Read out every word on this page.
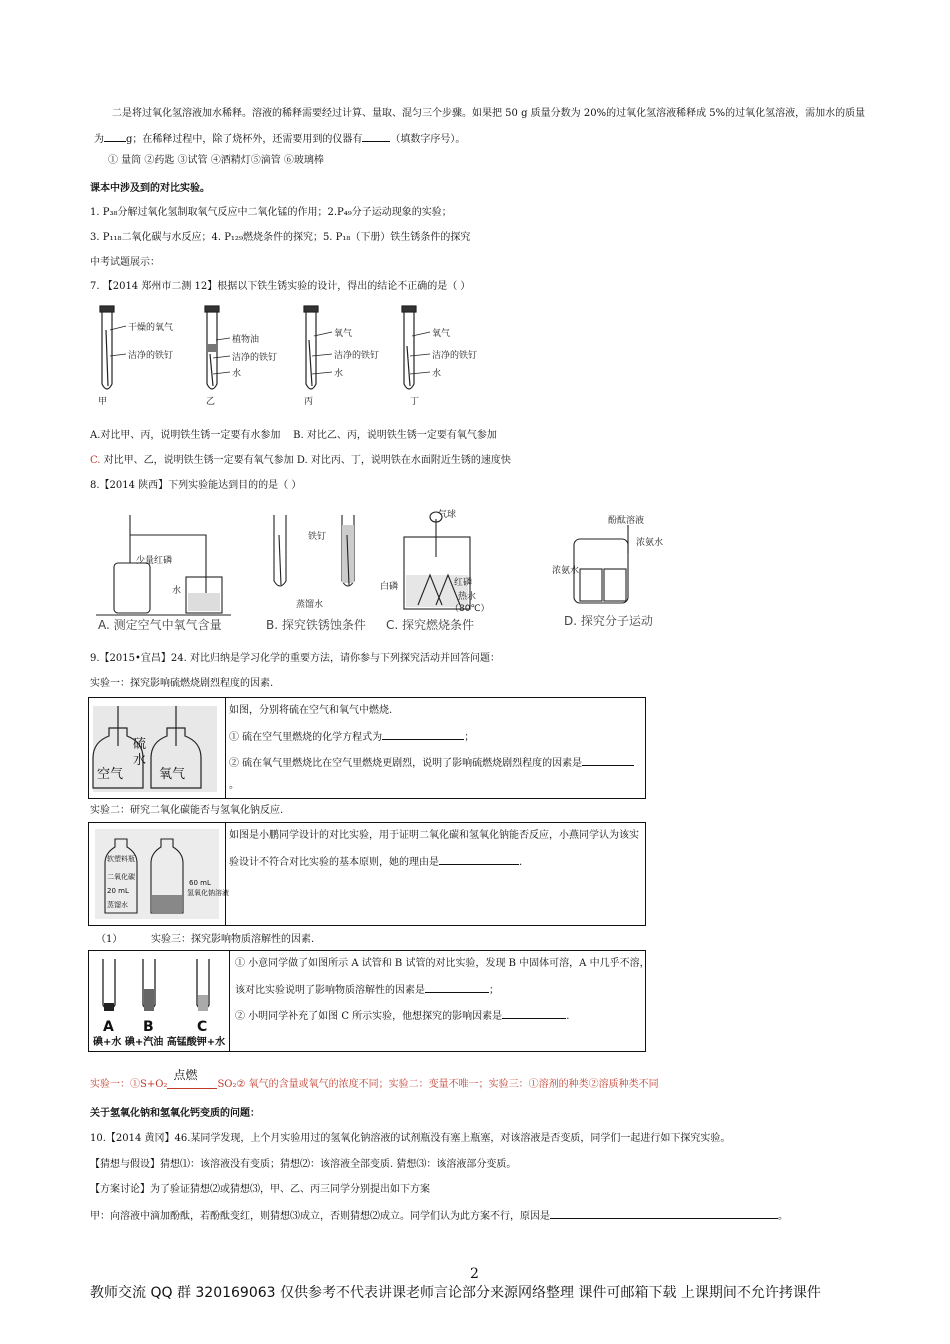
二是将过氧化氢溶液加水稀释。溶液的稀释需要经过计算、量取、混匀三个步骤。如果把 50 g 质量分数为 20%的过氧化氢溶液稀释成 5%的过氧化氢溶液，需加水的质量
为 g；在稀释过程中，除了烧杯外，还需要用到的仪器有	（填数字序号）。
① 量筒 ②药匙 ③试管 ④酒精灯⑤滴管 ⑥玻璃棒
课本中涉及到的对比实验。
1. P₃₈分解过氧化氢制取氧气反应中二氧化锰的作用；2.P₄₉分子运动现象的实验；
3. P₁₁₈二氧化碳与水反应；4. P₁₂₉燃烧条件的探究；5. P₁₈（下册）铁生锈条件的探究
中考试题展示：
7. 【2014 郑州市二测 12】根据以下铁生锈实验的设计，得出的结论不正确的是（ ）
干燥的氧气
洁净的铁钉
甲
植物油
洁净的铁钉
水
乙
氧气
洁净的铁钉
水
丙
氧气
洁净的铁钉
水
丁
A.对比甲、丙，说明铁生锈一定要有水参加 B. 对比乙、丙，说明铁生锈一定要有氧气参加
C. 对比甲、乙，说明铁生锈一定要有氧气参加 D. 对比丙、丁，说明铁在水面附近生锈的速度快
8.【2014 陕西】下列实验能达到目的的是（ ）
少量红磷
水
铁钉
蒸馏水
气球
红磷
白磷
热水
（80℃）
酚酞溶液
浓氨水
浓氨水
A. 测定空气中氧气含量	B. 探究铁锈蚀条件 C. 探究燃烧条件	D. 探究分子运动
9.【2015•宜昌】24. 对比归纳是学习化学的重要方法，请你参与下列探究活动并回答问题：
实验一：探究影响硫燃烧剧烈程度的因素.
硫
水
空气	氧气
如图，分别将硫在空气和氧气中燃烧.
① 硫在空气里燃烧的化学方程式为	；
② 硫在氧气里燃烧比在空气里燃烧更剧烈，说明了影响硫燃烧剧烈程度的因素是
。
实验二：研究二氧化碳能否与氢氧化钠反应.
软塑料瓶
二氧化碳
20 mL
蒸馏水
60 mL
氢氧化钠溶液
如图是小鹏同学设计的对比实验，用于证明二氧化碳和氢氧化钠能否反应，小燕同学认为该实
验设计不符合对比实验的基本原则，她的理由是	.
（1）	实验三：探究影响物质溶解性的因素.
A B	C
碘+水 碘+汽油 高锰酸钾+水
① 小意同学做了如图所示 A 试管和 B 试管的对比实验，发现 B 中固体可溶，A 中几乎不溶，
该对比实验说明了影响物质溶解性的因素是	；
② 小明同学补充了如图 C 所示实验，他想探究的影响因素是	.
实验一：①S+O₂
点燃
SO₂② 氧气的含量或氧气的浓度不同；实验二：变量不唯一；实验三：①溶剂的种类②溶质种类不同
关于氢氧化钠和氢氧化钙变质的问题：
10.【2014 黄冈】46.某同学发现，上个月实验用过的氢氧化钠溶液的试剂瓶没有塞上瓶塞，对该溶液是否变质，同学们一起进行如下探究实验。
【猜想与假设】猜想⑴：该溶液没有变质；猜想⑵：该溶液全部变质. 猜想⑶：该溶液部分变质。
【方案讨论】为了验证猜想⑵或猜想⑶，甲、乙、丙三同学分别提出如下方案
甲：向溶液中滴加酚酞，若酚酞变红，则猜想⑶成立，否则猜想⑵成立。同学们认为此方案不行，原因是	。
2
教师交流 QQ 群 320169063 仅供参考不代表讲课老师言论部分来源网络整理 课件可邮箱下载 上课期间不允许拷课件
